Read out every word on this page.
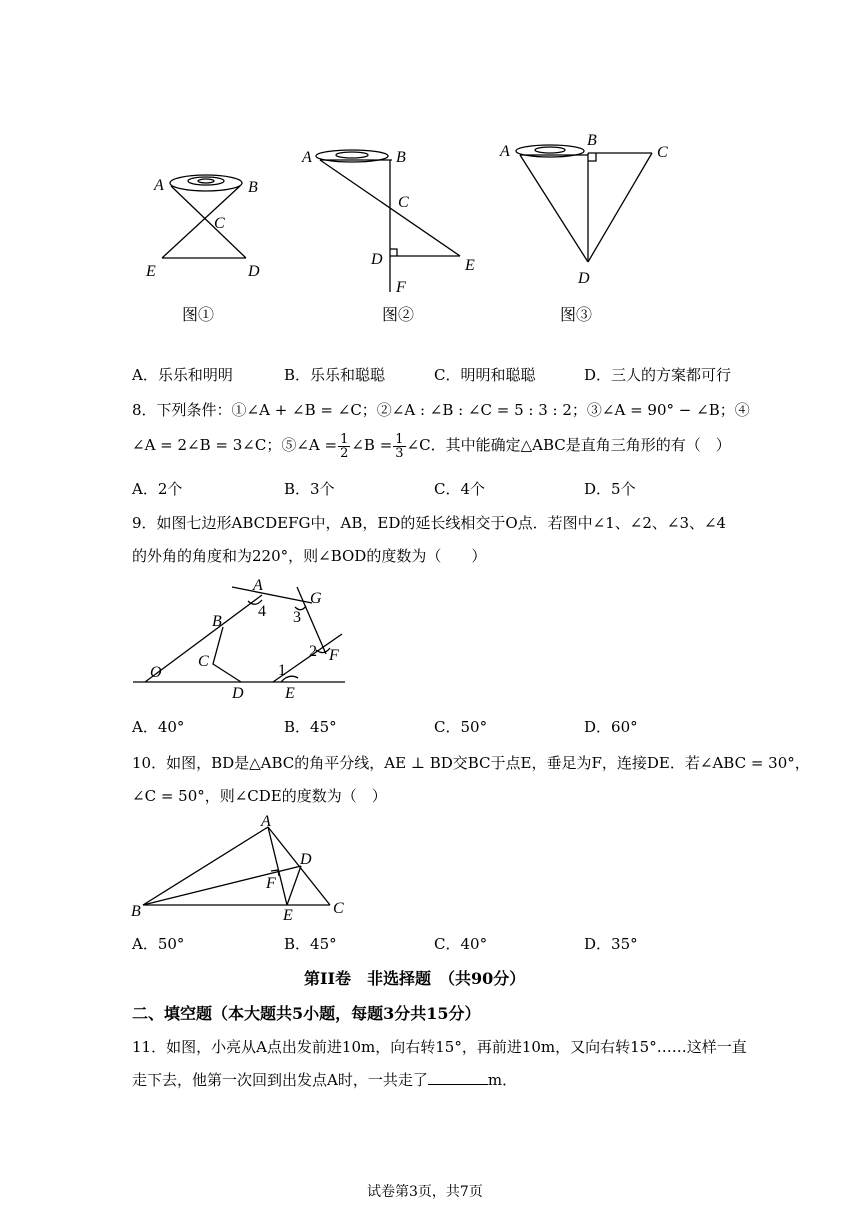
A	B
C
E	D
图①
A	B
C
D	E
F
图②
A
B
C
D
图③
A．乐乐和明明	B．乐乐和聪聪	C．明明和聪聪	D．三人的方案都可行
8．下列条件：①∠A + ∠B = ∠C；②∠A : ∠B : ∠C = 5 : 3 : 2；③∠A = 90° − ∠B；④
∠A = 2∠B = 3∠C；⑤∠A = $\frac{1}{2}$ ∠B = $\frac{1}{3}$ ∠C．其中能确定△ABC是直角三角形的有（　）
A．2个	B．3个	C．4个	D．5个
9．如图七边形ABCDEFG中，AB，ED的延长线相交于O点．若图中∠1、∠2、∠3、∠4
的外角的角度和为220°，则∠BOD的度数为（　　）
A
G
4 3
B
2 F
C
1
O
D	E
A．40°	B．45°	C．50°	D．60°
10．如图，BD是△ABC的角平分线，AE ⊥ BD交BC于点E，垂足为F，连接DE．若∠ABC = 30°，
∠C = 50°，则∠CDE的度数为（　）
A
D
F
B	E	C
A．50°	B．45°	C．40°	D．35°
第II卷　非选择题　（共90分）
二、填空题（本大题共5小题，每题3分共15分）
11．如图，小亮从A点出发前进10m，向右转15°，再前进10m，又向右转15°……这样一直
走下去，他第一次回到出发点A时，一共走了	m．
试卷第3页，共7页
